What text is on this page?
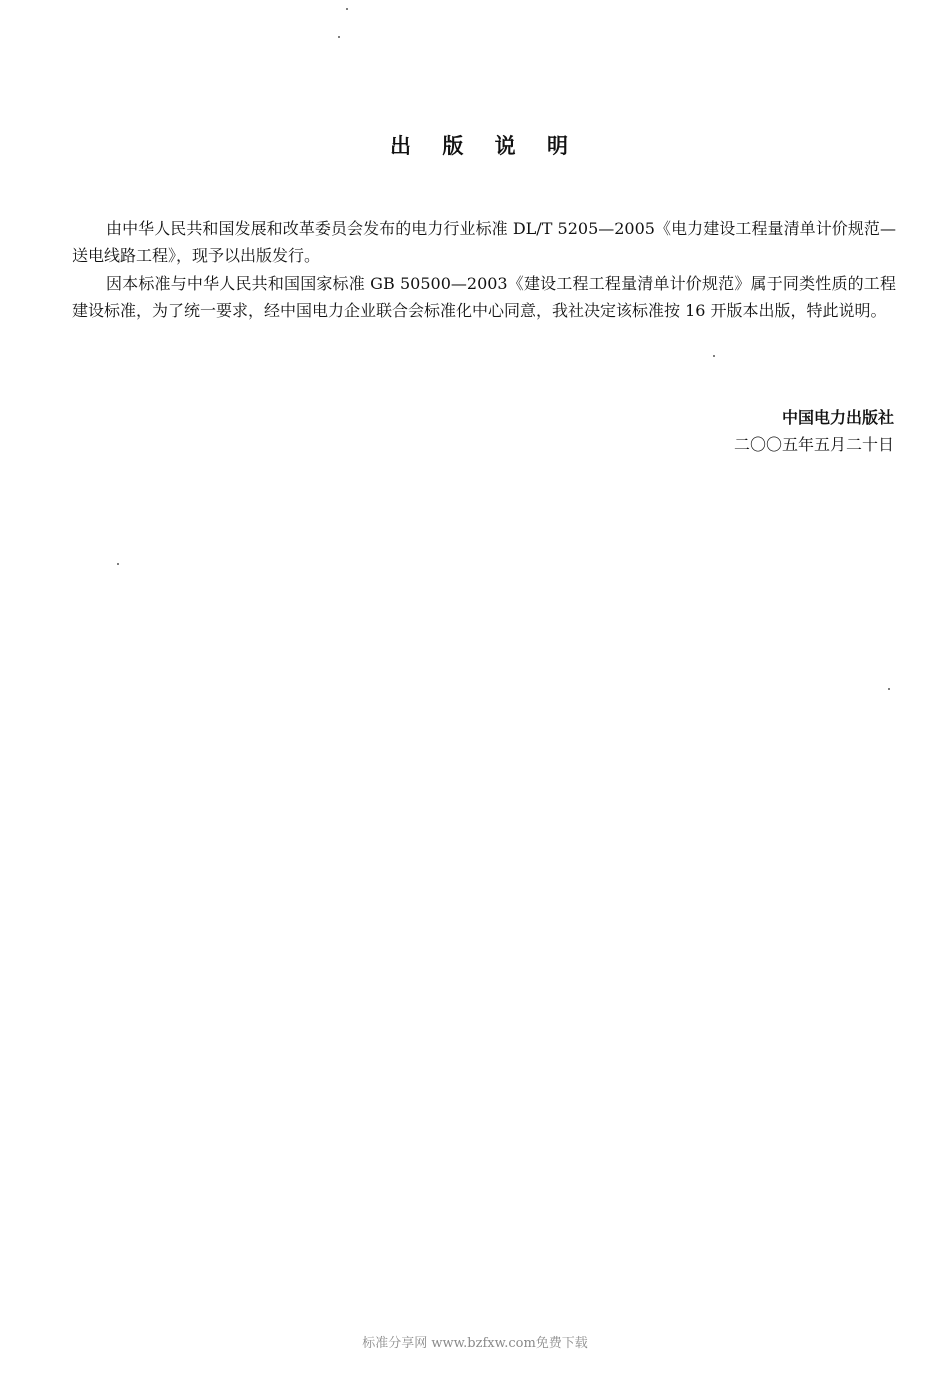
出 版 说 明

由中华人民共和国发展和改革委员会发布的电力行业标准 DL/T 5205—2005《电力建设工程量清单计价规范—送电线路工程》，现予以出版发行。

因本标准与中华人民共和国国家标准 GB 50500—2003《建设工程工程量清单计价规范》属于同类性质的工程建设标准，为了统一要求，经中国电力企业联合会标准化中心同意，我社决定该标准按 16 开版本出版，特此说明。

中国电力出版社
二〇〇五年五月二十日
标准分享网 www.bzfxw.com免费下载
